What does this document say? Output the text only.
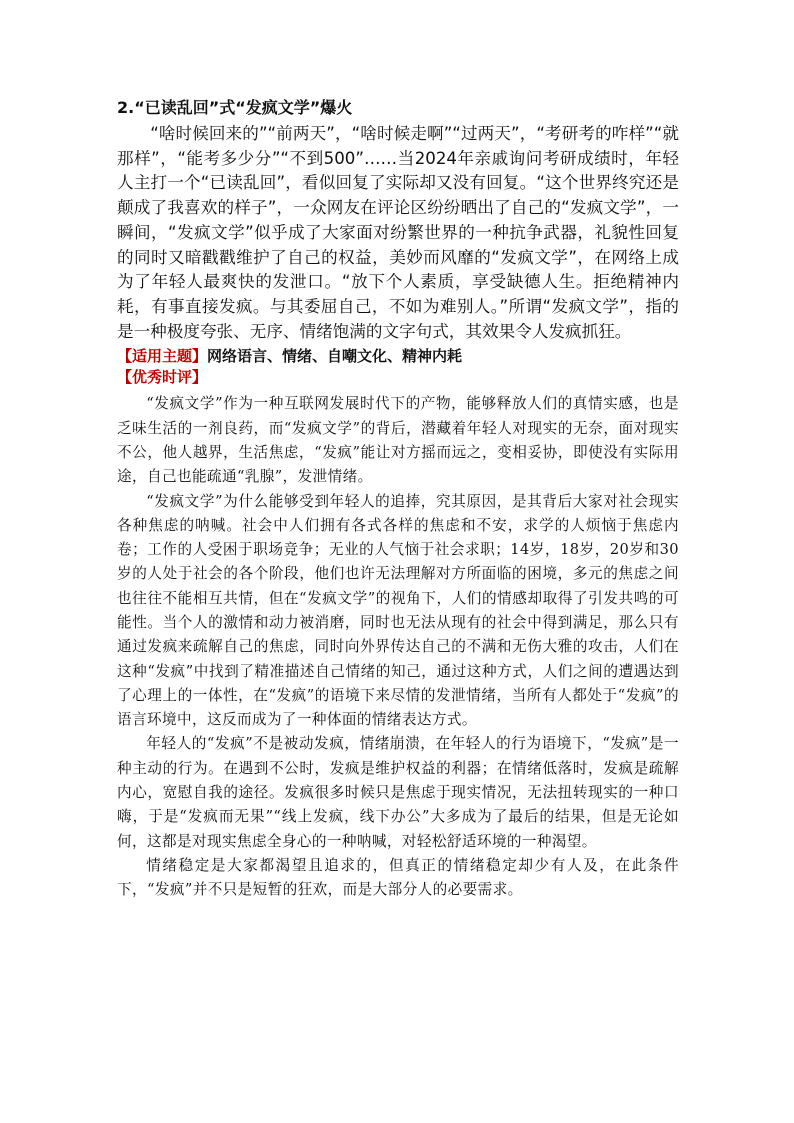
2.“已读乱回”式“发疯文学”爆火

“啥时候回来的”“前两天”，“啥时候走啊”“过两天”，“考研考的咋样”“就那样”，“能考多少分”“不到500”……当2024年亲戚询问考研成绩时，年轻人主打一个“已读乱回”，看似回复了实际却又没有回复。“这个世界终究还是颠成了我喜欢的样子”，一众网友在评论区纷纷晒出了自己的“发疯文学”，一瞬间，“发疯文学”似乎成了大家面对纷繁世界的一种抗争武器，礼貌性回复的同时又暗戳戳维护了自己的权益，美妙而风靡的“发疯文学”，在网络上成为了年轻人最爽快的发泄口。“放下个人素质，享受缺德人生。拒绝精神内耗，有事直接发疯。与其委屈自己，不如为难别人。”所谓“发疯文学”，指的是一种极度夸张、无序、情绪饱满的文字句式，其效果令人发疯抓狂。

【适用主题】网络语言、情绪、自嘲文化、精神内耗

【优秀时评】

“发疯文学”作为一种互联网发展时代下的产物，能够释放人们的真情实感，也是乏味生活的一剂良药，而“发疯文学”的背后，潜藏着年轻人对现实的无奈，面对现实不公，他人越界，生活焦虑，“发疯”能让对方摇而远之，变相妥协，即使没有实际用途，自己也能疏通“乳腺”，发泄情绪。

“发疯文学”为什么能够受到年轻人的追捧，究其原因，是其背后大家对社会现实各种焦虑的呐喊。社会中人们拥有各式各样的焦虑和不安，求学的人烦恼于焦虑内卷；工作的人受困于职场竞争；无业的人气恼于社会求职；14岁，18岁，20岁和30岁的人处于社会的各个阶段，他们也许无法理解对方所面临的困境，多元的焦虑之间也往往不能相互共情，但在“发疯文学”的视角下，人们的情感却取得了引发共鸣的可能性。当个人的激情和动力被消磨，同时也无法从现有的社会中得到满足，那么只有通过发疯来疏解自己的焦虑，同时向外界传达自己的不满和无伤大雅的攻击，人们在这种“发疯”中找到了精准描述自己情绪的知己，通过这种方式，人们之间的遭遇达到了心理上的一体性，在“发疯”的语境下来尽情的发泄情绪，当所有人都处于“发疯”的语言环境中，这反而成为了一种体面的情绪表达方式。

年轻人的“发疯”不是被动发疯，情绪崩溃，在年轻人的行为语境下，“发疯”是一种主动的行为。在遇到不公时，发疯是维护权益的利器；在情绪低落时，发疯是疏解内心，宽慰自我的途径。发疯很多时候只是焦虑于现实情况，无法扭转现实的一种口嗨，于是“发疯而无果”“线上发疯，线下办公”大多成为了最后的结果，但是无论如何，这都是对现实焦虑全身心的一种呐喊，对轻松舒适环境的一种渴望。

情绪稳定是大家都渴望且追求的，但真正的情绪稳定却少有人及，在此条件下，“发疯”并不只是短暂的狂欢，而是大部分人的必要需求。
